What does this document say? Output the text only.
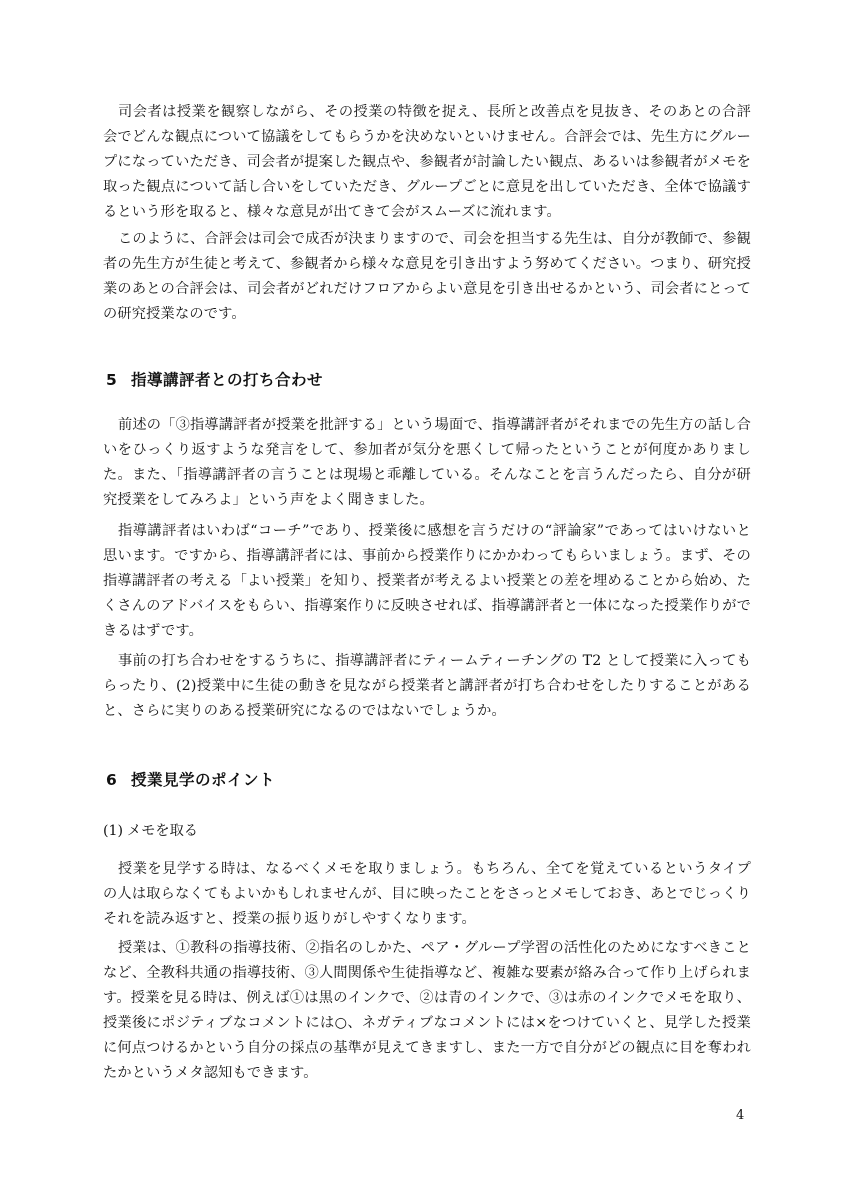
司会者は授業を観察しながら、その授業の特徴を捉え、長所と改善点を見抜き、そのあとの合評会でどんな観点について協議をしてもらうかを決めないといけません。合評会では、先生方にグループになっていただき、司会者が提案した観点や、参観者が討論したい観点、あるいは参観者がメモを取った観点について話し合いをしていただき、グループごとに意見を出していただき、全体で協議するという形を取ると、様々な意見が出てきて会がスムーズに流れます。

このように、合評会は司会で成否が決まりますので、司会を担当する先生は、自分が教師で、参観者の先生方が生徒と考えて、参観者から様々な意見を引き出すよう努めてください。つまり、研究授業のあとの合評会は、司会者がどれだけフロアからよい意見を引き出せるかという、司会者にとっての研究授業なのです。

5 指導講評者との打ち合わせ

前述の「③指導講評者が授業を批評する」という場面で、指導講評者がそれまでの先生方の話し合いをひっくり返すような発言をして、参加者が気分を悪くして帰ったということが何度かありました。また、「指導講評者の言うことは現場と乖離している。そんなことを言うんだったら、自分が研究授業をしてみろよ」という声をよく聞きました。

指導講評者はいわば“コーチ”であり、授業後に感想を言うだけの“評論家”であってはいけないと思います。ですから、指導講評者には、事前から授業作りにかかわってもらいましょう。まず、その指導講評者の考える「よい授業」を知り、授業者が考えるよい授業との差を埋めることから始め、たくさんのアドバイスをもらい、指導案作りに反映させれば、指導講評者と一体になった授業作りができるはずです。

事前の打ち合わせをするうちに、指導講評者にティームティーチングの T2 として授業に入ってもらったり、(2)授業中に生徒の動きを見ながら授業者と講評者が打ち合わせをしたりすることがあると、さらに実りのある授業研究になるのではないでしょうか。

6 授業見学のポイント

(1) メモを取る

授業を見学する時は、なるべくメモを取りましょう。もちろん、全てを覚えているというタイプの人は取らなくてもよいかもしれませんが、目に映ったことをさっとメモしておき、あとでじっくりそれを読み返すと、授業の振り返りがしやすくなります。

授業は、①教科の指導技術、②指名のしかた、ペア・グループ学習の活性化のためになすべきことなど、全教科共通の指導技術、③人間関係や生徒指導など、複雑な要素が絡み合って作り上げられます。授業を見る時は、例えば①は黒のインクで、②は青のインクで、③は赤のインクでメモを取り、授業後にポジティブなコメントには○、ネガティブなコメントには×をつけていくと、見学した授業に何点つけるかという自分の採点の基準が見えてきますし、また一方で自分がどの観点に目を奪われたかというメタ認知もできます。

4
